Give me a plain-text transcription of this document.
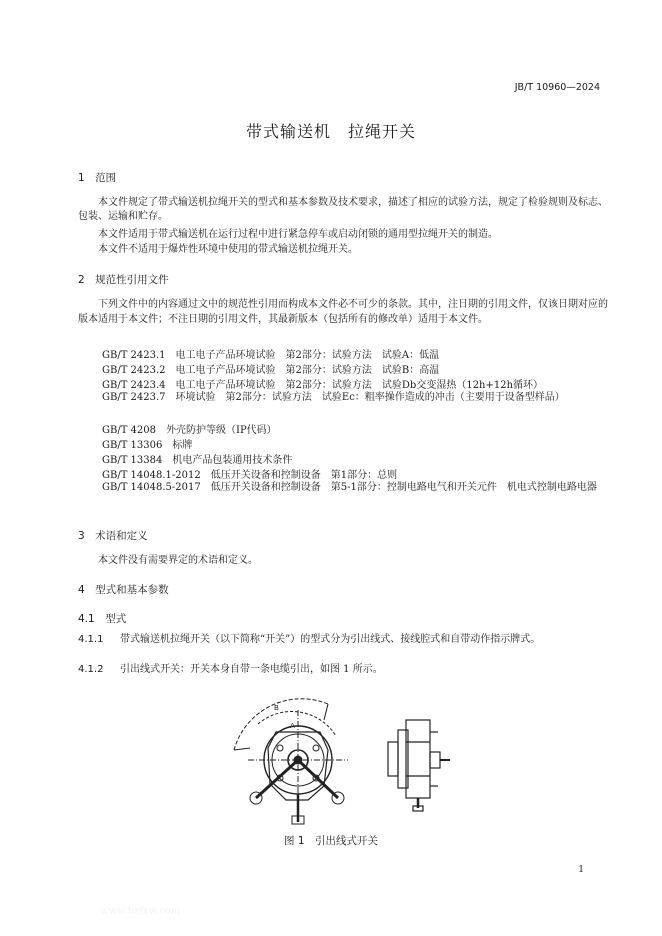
JB/T 10960—2024
带式输送机　拉绳开关
1　范围
本文件规定了带式输送机拉绳开关的型式和基本参数及技术要求，描述了相应的试验方法，规定了检验规则及标志、包装、运输和贮存。
本文件适用于带式输送机在运行过程中进行紧急停车或启动闭锁的通用型拉绳开关的制造。
本文件不适用于爆炸性环境中使用的带式输送机拉绳开关。
2　规范性引用文件
下列文件中的内容通过文中的规范性引用而构成本文件必不可少的条款。其中，注日期的引用文件，仅该日期对应的版本适用于本文件；不注日期的引用文件，其最新版本（包括所有的修改单）适用于本文件。
GB/T 2423.1　电工电子产品环境试验　第2部分：试验方法　试验A：低温
GB/T 2423.2　电工电子产品环境试验　第2部分：试验方法　试验B：高温
GB/T 2423.4　电工电子产品环境试验　第2部分：试验方法　试验Db交变湿热（12h+12h循环）
GB/T 2423.7　环境试验　第2部分：试验方法　试验Ec：粗率操作造成的冲击（主要用于设备型样品）
GB/T 4208　外壳防护等级（IP代码）
GB/T 13306　标牌
GB/T 13384　机电产品包装通用技术条件
GB/T 14048.1-2012　低压开关设备和控制设备　第1部分：总则
GB/T 14048.5-2017　低压开关设备和控制设备　第5-1部分：控制电路电气和开关元件　机电式控制电路电器
3　术语和定义
本文件没有需要界定的术语和定义。
4　型式和基本参数
4.1　型式
4.1.1	带式输送机拉绳开关（以下简称“开关”）的型式分为引出线式、接线腔式和自带动作指示牌式。
4.1.2 引出线式开关：开关本身自带一条电缆引出，如图 1 所示。
B
A
图 1　引出线式开关
1
www.bzfxw.com
